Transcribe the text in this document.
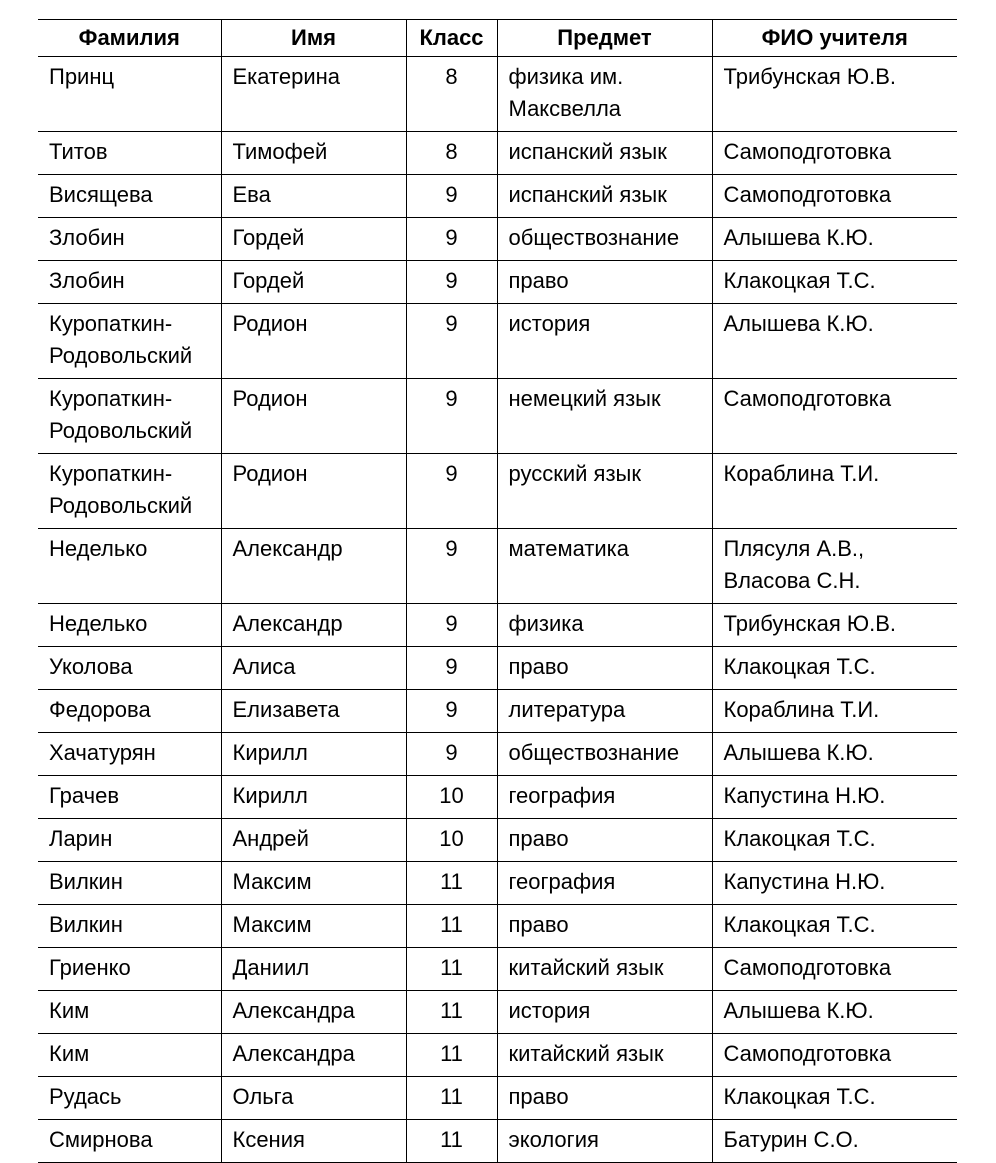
Фамилия	Имя	Класс	Предмет	ФИО учителя
Принц	Екатерина	8	физика им. Максвелла	Трибунская Ю.В.
Титов	Тимофей	8	испанский язык	Самоподготовка
Висящева	Ева	9	испанский язык	Самоподготовка
Злобин	Гордей	9	обществознание	Алышева К.Ю.
Злобин	Гордей	9	право	Клакоцкая Т.С.
Куропаткин-Родовольский	Родион	9	история	Алышева К.Ю.
Куропаткин-Родовольский	Родион	9	немецкий язык	Самоподготовка
Куропаткин-Родовольский	Родион	9	русский язык	Кораблина Т.И.
Неделько	Александр	9	математика	Плясуля А.В., Власова С.Н.
Неделько	Александр	9	физика	Трибунская Ю.В.
Уколова	Алиса	9	право	Клакоцкая Т.С.
Федорова	Елизавета	9	литература	Кораблина Т.И.
Хачатурян	Кирилл	9	обществознание	Алышева К.Ю.
Грачев	Кирилл	10	география	Капустина Н.Ю.
Ларин	Андрей	10	право	Клакоцкая Т.С.
Вилкин	Максим	11	география	Капустина Н.Ю.
Вилкин	Максим	11	право	Клакоцкая Т.С.
Гриенко	Даниил	11	китайский язык	Самоподготовка
Ким	Александра	11	история	Алышева К.Ю.
Ким	Александра	11	китайский язык	Самоподготовка
Рудась	Ольга	11	право	Клакоцкая Т.С.
Смирнова	Ксения	11	экология	Батурин С.О.
